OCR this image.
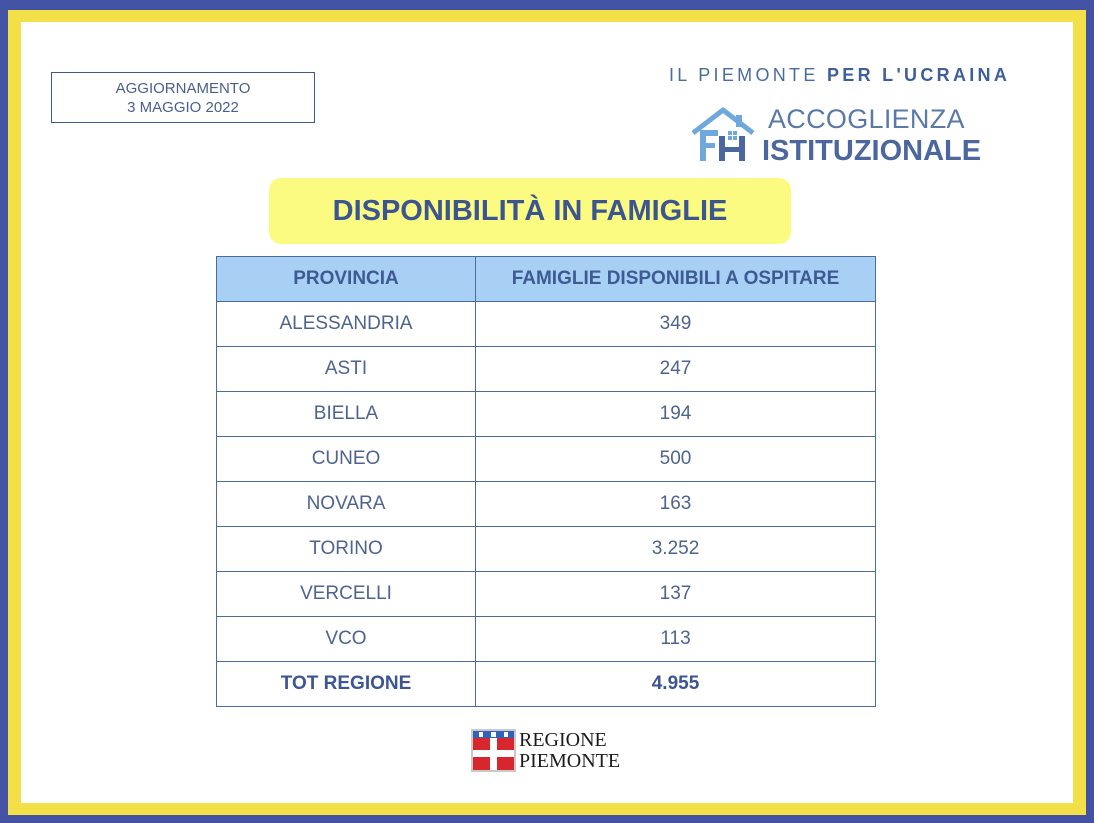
AGGIORNAMENTO
3 MAGGIO 2022
IL PIEMONTE PER L'UCRAINA
ACCOGLIENZA
ISTITUZIONALE
DISPONIBILITÀ IN FAMIGLIE
PROVINCIA	FAMIGLIE DISPONIBILI A OSPITARE
ALESSANDRIA	349
ASTI	247
BIELLA	194
CUNEO	500
NOVARA	163
TORINO	3.252
VERCELLI	137
VCO	113
TOT REGIONE	4.955
REGIONE
PIEMONTE
